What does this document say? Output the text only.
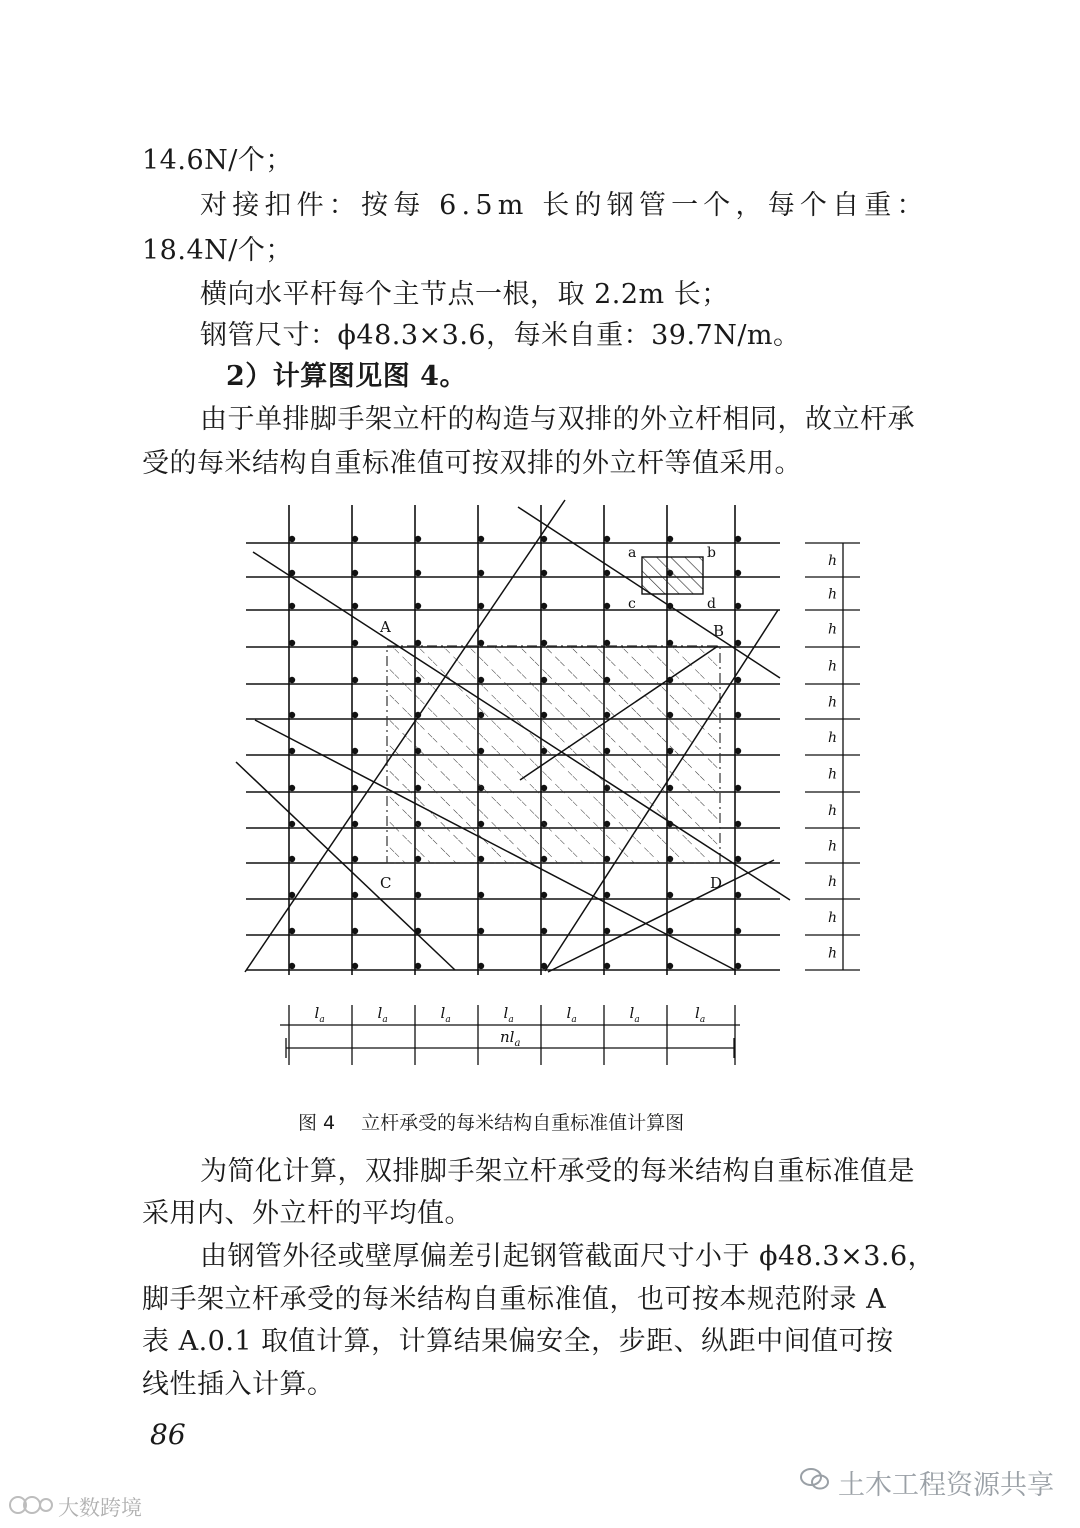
14.6N/个；
对接扣件：按每 6.5m 长的钢管一个，每个自重：
18.4N/个；
横向水平杆每个主节点一根，取 2.2m 长；
钢管尺寸：ϕ48.3×3.6，每米自重：39.7N/m。
2）计算图见图 4。
由于单排脚手架立杆的构造与双排的外立杆相同，故立杆承
受的每米结构自重标准值可按双排的外立杆等值采用。
A	B
C	D
a	b
c	d
h
h
h
h
h
h
h
h
h
h
h
h
$l_a$	$l_a$	$l_a$	$l_a$	$l_a$	$l_a$	$l_a$
$nl_a$
图 4 立杆承受的每米结构自重标准值计算图
为简化计算，双排脚手架立杆承受的每米结构自重标准值是
采用内、外立杆的平均值。
由钢管外径或壁厚偏差引起钢管截面尺寸小于 ϕ48.3×3.6，
脚手架立杆承受的每米结构自重标准值，也可按本规范附录 A
表 A.0.1 取值计算，计算结果偏安全，步距、纵距中间值可按
线性插入计算。
86
土木工程资源共享
大数跨境
